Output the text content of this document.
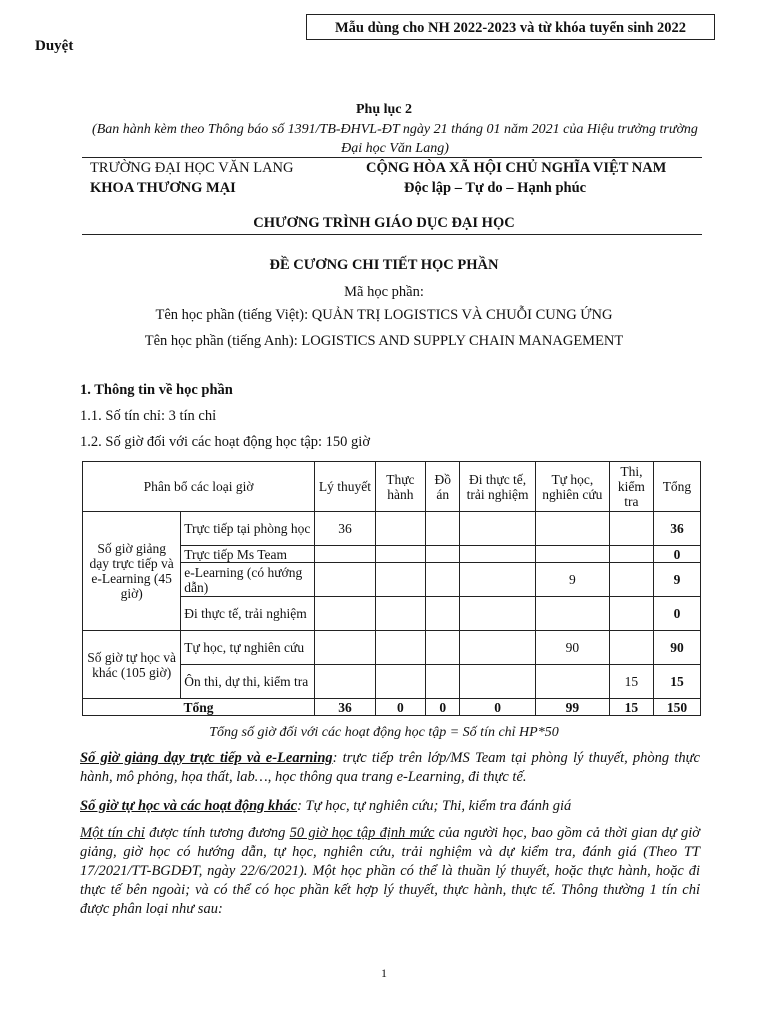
Mẫu dùng cho NH 2022-2023 và từ khóa tuyển sinh 2022
Duyệt
Phụ lục 2
(Ban hành kèm theo Thông báo số 1391/TB-ĐHVL-ĐT ngày 21 tháng 01 năm 2021 của Hiệu trưởng trường Đại học Văn Lang)
TRƯỜNG ĐẠI HỌC VĂN LANG
KHOA THƯƠNG MẠI
CỘNG HÒA XÃ HỘI CHỦ NGHĨA VIỆT NAM
Độc lập – Tự do – Hạnh phúc
CHƯƠNG TRÌNH GIÁO DỤC ĐẠI HỌC
ĐỀ CƯƠNG CHI TIẾT HỌC PHẦN
Mã học phần:
Tên học phần (tiếng Việt): QUẢN TRỊ LOGISTICS VÀ CHUỖI CUNG ỨNG
Tên học phần (tiếng Anh): LOGISTICS AND SUPPLY CHAIN MANAGEMENT
1. Thông tin về học phần
1.1. Số tín chỉ: 3 tín chỉ
1.2. Số giờ đối với các hoạt động học tập: 150 giờ
Phân bổ các loại giờ		Lý thuyết	Thực hành	Đồ án	Đi thực tế, trải nghiệm	Tự học, nghiên cứu	Thi, kiểm tra	Tổng
Số giờ giảng dạy trực tiếp và e-Learning (45 giờ)	Trực tiếp tại phòng học	36						36
	Trực tiếp Ms Team							0
	e-Learning (có hướng dẫn)					9		9
	Đi thực tế, trải nghiệm							0
Số giờ tự học và khác (105 giờ)	Tự học, tự nghiên cứu					90		90
	Ôn thi, dự thi, kiểm tra						15	15
Tổng		36	0	0	0	99	15	150
Tổng số giờ đối với các hoạt động học tập = Số tín chỉ HP*50
Số giờ giảng dạy trực tiếp và e-Learning: trực tiếp trên lớp/MS Team tại phòng lý thuyết, phòng thực hành, mô phỏng, họa thất, lab…, học thông qua trang e-Learning, đi thực tế.
Số giờ tự học và các hoạt động khác: Tự học, tự nghiên cứu; Thi, kiểm tra đánh giá
Một tín chỉ được tính tương đương 50 giờ học tập định mức của người học, bao gồm cả thời gian dự giờ giảng, giờ học có hướng dẫn, tự học, nghiên cứu, trải nghiệm và dự kiểm tra, đánh giá (Theo TT 17/2021/TT-BGDĐT, ngày 22/6/2021). Một học phần có thể là thuần lý thuyết, hoặc thực hành, hoặc đi thực tế bên ngoài; và có thể có học phần kết hợp lý thuyết, thực hành, thực tế. Thông thường 1 tín chỉ được phân loại như sau:
1
